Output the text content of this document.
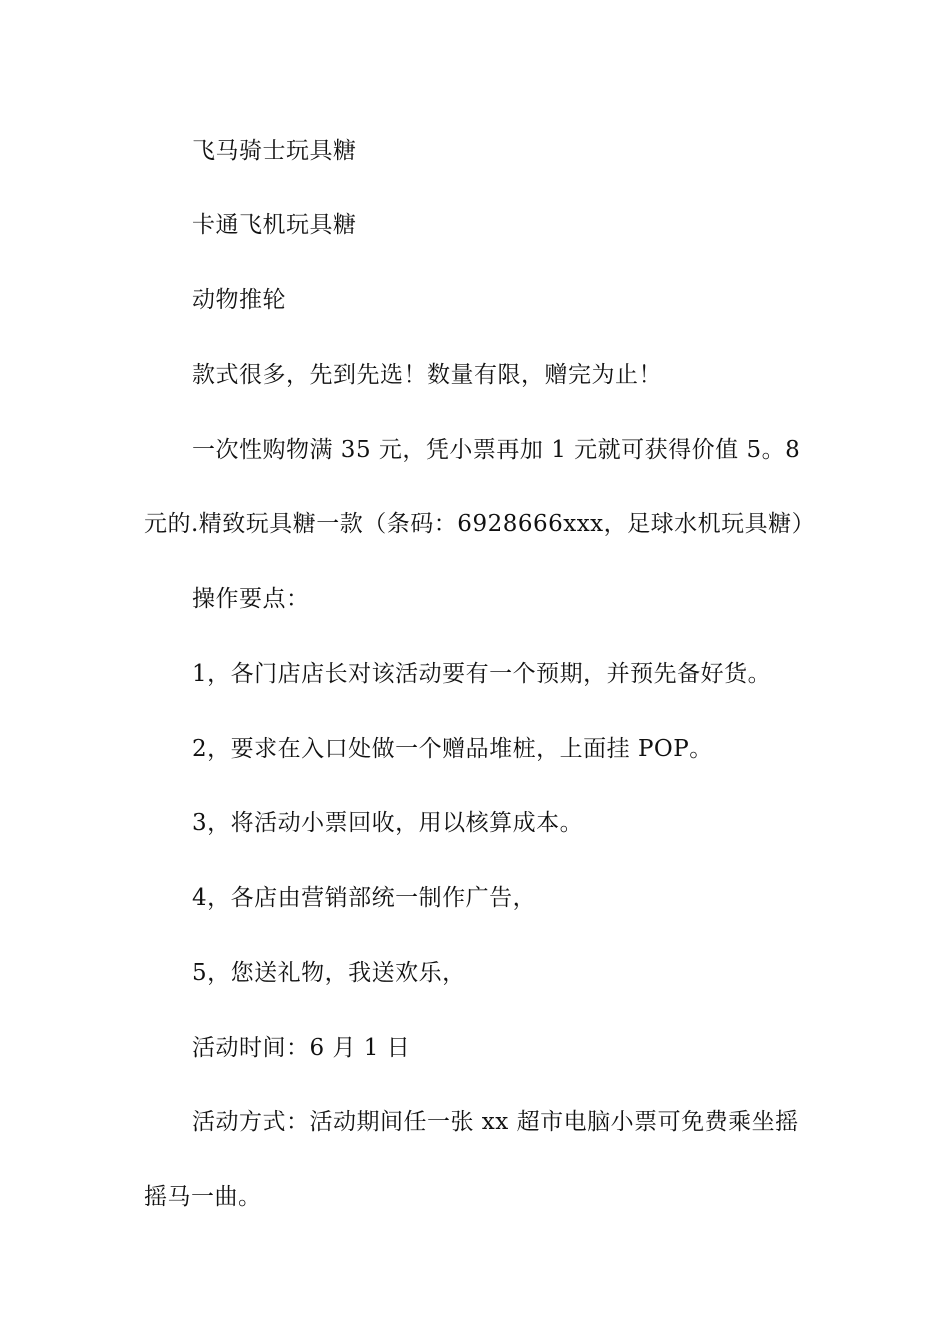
飞马骑士玩具糖
卡通飞机玩具糖
动物推轮
款式很多，先到先选！数量有限，赠完为止！
一次性购物满 35 元，凭小票再加 1 元就可获得价值 5。8
元的.精致玩具糖一款（条码：6928666xxx，足球水机玩具糖）
操作要点：
1，各门店店长对该活动要有一个预期，并预先备好货。
2，要求在入口处做一个赠品堆桩，上面挂 POP。
3，将活动小票回收，用以核算成本。
4，各店由营销部统一制作广告，
5，您送礼物，我送欢乐，
活动时间：6 月 1 日
活动方式：活动期间任一张 xx 超市电脑小票可免费乘坐摇
摇马一曲。
